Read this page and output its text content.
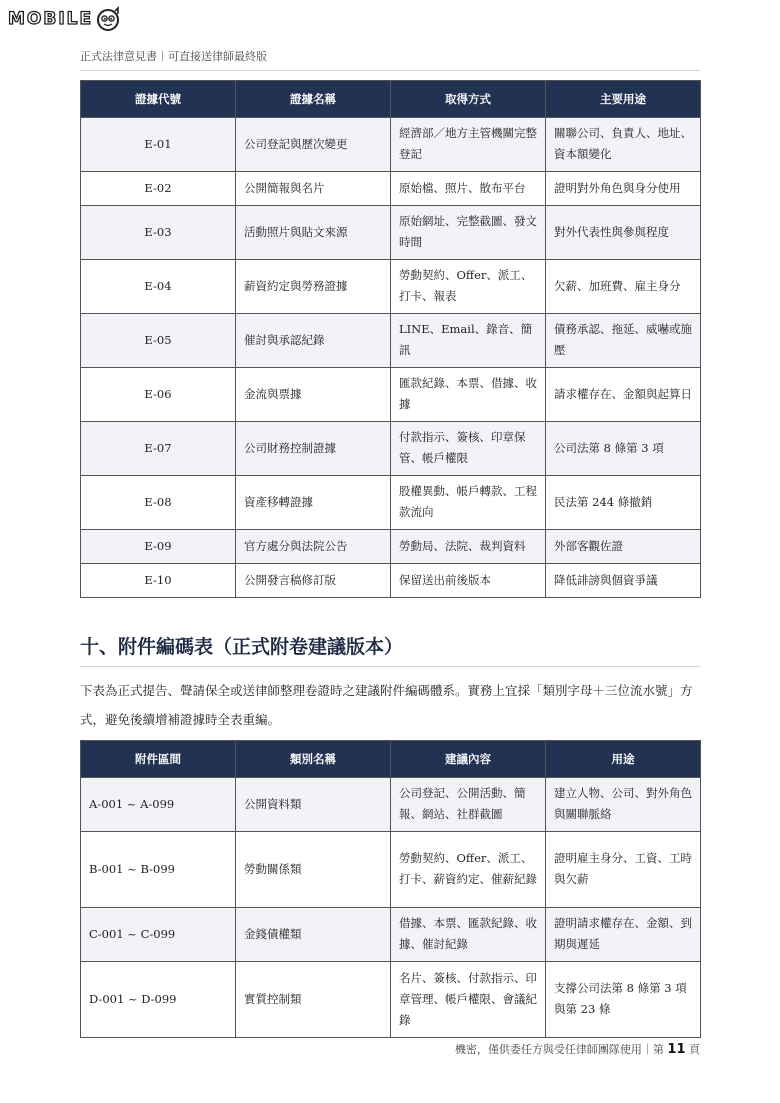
MOBILE
正式法律意見書｜可直接送律師最終版
證據代號	證據名稱	取得方式	主要用途
E-01	公司登記與歷次變更	經濟部／地方主管機關完整登記	關聯公司、負責人、地址、資本額變化
E-02	公開簡報與名片	原始檔、照片、散布平台	證明對外角色與身分使用
E-03	活動照片與貼文來源	原始網址、完整截圖、發文時間	對外代表性與參與程度
E-04	薪資約定與勞務證據	勞動契約、Offer、派工、打卡、報表	欠薪、加班費、雇主身分
E-05	催討與承認紀錄	LINE、Email、錄音、簡訊	債務承認、拖延、威嚇或施壓
E-06	金流與票據	匯款紀錄、本票、借據、收據	請求權存在、金額與起算日
E-07	公司財務控制證據	付款指示、簽核、印章保管、帳戶權限	公司法第 8 條第 3 項
E-08	資產移轉證據	股權異動、帳戶轉款、工程款流向	民法第 244 條撤銷
E-09	官方處分與法院公告	勞動局、法院、裁判資料	外部客觀佐證
E-10	公開發言稿修訂版	保留送出前後版本	降低誹謗與個資爭議
十、附件編碼表（正式附卷建議版本）

下表為正式提告、聲請保全或送律師整理卷證時之建議附件編碼體系。實務上宜採「類別字母＋三位流水號」方式，避免後續增補證據時全表重編。

附件區間	類別名稱	建議內容	用途
A-001 ~ A-099	公開資料類	公司登記、公開活動、簡報、網站、社群截圖	建立人物、公司、對外角色與關聯脈絡
B-001 ~ B-099	勞動關係類	勞動契約、Offer、派工、打卡、薪資約定、催薪紀錄	證明雇主身分、工資、工時與欠薪
C-001 ~ C-099	金錢債權類	借據、本票、匯款紀錄、收據、催討紀錄	證明請求權存在、金額、到期與遲延
D-001 ~ D-099	實質控制類	名片、簽核、付款指示、印章管理、帳戶權限、會議紀錄	支撐公司法第 8 條第 3 項與第 23 條
機密，僅供委任方與受任律師團隊使用｜第 11 頁
